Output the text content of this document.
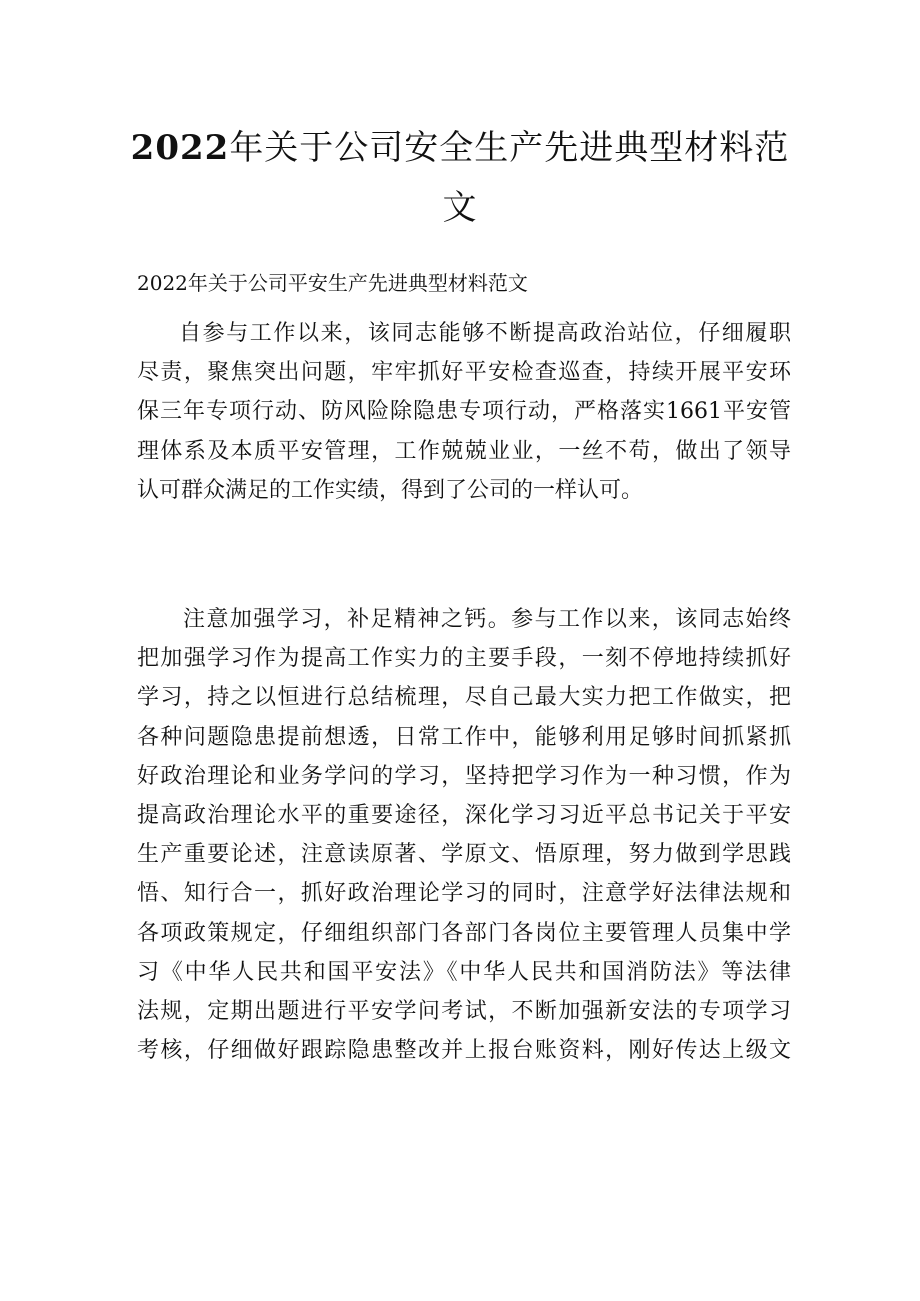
2022年关于公司安全生产先进典型材料范
文

2022年关于公司平安生产先进典型材料范文

自参与工作以来，该同志能够不断提高政治站位，仔细履职
尽责，聚焦突出问题，牢牢抓好平安检查巡查，持续开展平安环
保三年专项行动、防风险除隐患专项行动，严格落实1661平安管
理体系及本质平安管理，工作兢兢业业，一丝不苟，做出了领导
认可群众满足的工作实绩，得到了公司的一样认可。
注意加强学习，补足精神之钙。参与工作以来，该同志始终
把加强学习作为提高工作实力的主要手段，一刻不停地持续抓好
学习，持之以恒进行总结梳理，尽自己最大实力把工作做实，把
各种问题隐患提前想透，日常工作中，能够利用足够时间抓紧抓
好政治理论和业务学问的学习，坚持把学习作为一种习惯，作为
提高政治理论水平的重要途径，深化学习习近平总书记关于平安
生产重要论述，注意读原著、学原文、悟原理，努力做到学思践
悟、知行合一，抓好政治理论学习的同时，注意学好法律法规和
各项政策规定，仔细组织部门各部门各岗位主要管理人员集中学
习《中华人民共和国平安法》《中华人民共和国消防法》等法律
法规，定期出题进行平安学问考试，不断加强新安法的专项学习
考核，仔细做好跟踪隐患整改并上报台账资料，刚好传达上级文
